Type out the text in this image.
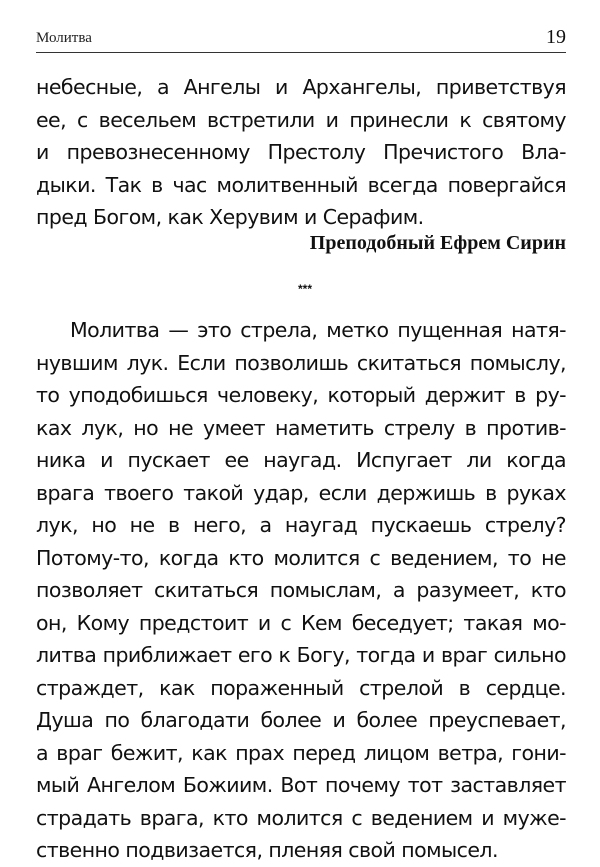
Молитва	19
небесные, а Ангелы и Архангелы, приветствуя
ее, с весельем встретили и принесли к святому
и превознесенному Престолу Пречистого Вла-
дыки. Так в час молитвенный всегда повергайся
пред Богом, как Херувим и Серафим.
Преподобный Ефрем Сирин
***
Молитва — это стрела, метко пущенная натя-
нувшим лук. Если позволишь скитаться помыслу,
то уподобишься человеку, который держит в ру-
ках лук, но не умеет наметить стрелу в против-
ника и пускает ее наугад. Испугает ли когда
врага твоего такой удар, если держишь в руках
лук, но не в него, а наугад пускаешь стрелу?
Потому-то, когда кто молится с ведением, то не
позволяет скитаться помыслам, а разумеет, кто
он, Кому предстоит и с Кем беседует; такая мо-
литва приближает его к Богу, тогда и враг сильно
страждет, как пораженный стрелой в сердце.
Душа по благодати более и более преуспевает,
а враг бежит, как прах перед лицом ветра, гони-
мый Ангелом Божиим. Вот почему тот заставляет
страдать врага, кто молится с ведением и муже-
ственно подвизается, пленяя свой помысел.
